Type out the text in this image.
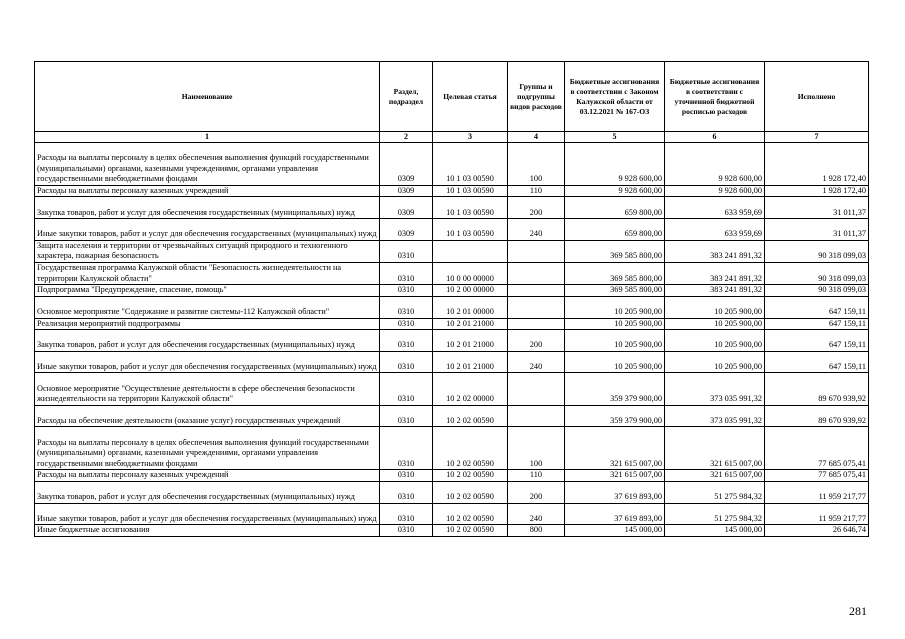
Наименование	Раздел, подраздел	Целевая статья	Группы и подгруппы видов расходов	Бюджетные ассигнования в соответствии с Законом Калужской области от 03.12.2021 № 167-ОЗ	Бюджетные ассигнования в соответствии с уточненной бюджетной росписью расходов	Исполнено
1	2	3	4	5	6	7
Расходы на выплаты персоналу в целях обеспечения выполнения функций государственными (муниципальными) органами, казенными учреждениями, органами управления государственными внебюджетными фондами	0309	10 1 03 00590	100	9 928 600,00	9 928 600,00	1 928 172,40
Расходы на выплаты персоналу казенных учреждений	0309	10 1 03 00590	110	9 928 600,00	9 928 600,00	1 928 172,40
Закупка товаров, работ и услуг для обеспечения государственных (муниципальных) нужд	0309	10 1 03 00590	200	659 800,00	633 959,69	31 011,37
Иные закупки товаров, работ и услуг для обеспечения государственных (муниципальных) нужд	0309	10 1 03 00590	240	659 800,00	633 959,69	31 011,37
Защита населения и территории от чрезвычайных ситуаций природного и техногенного характера, пожарная безопасность	0310			369 585 800,00	383 241 891,32	90 318 099,03
Государственная программа Калужской области "Безопасность жизнедеятельности на территории Калужской области"	0310	10 0 00 00000		369 585 800,00	383 241 891,32	90 318 099,03
Подпрограмма "Предупреждение, спасение, помощь"	0310	10 2 00 00000		369 585 800,00	383 241 891,32	90 318 099,03
Основное мероприятие "Содержание и развитие системы-112 Калужской области"	0310	10 2 01 00000		10 205 900,00	10 205 900,00	647 159,11
Реализация мероприятий подпрограммы	0310	10 2 01 21000		10 205 900,00	10 205 900,00	647 159,11
Закупка товаров, работ и услуг для обеспечения государственных (муниципальных) нужд	0310	10 2 01 21000	200	10 205 900,00	10 205 900,00	647 159,11
Иные закупки товаров, работ и услуг для обеспечения государственных (муниципальных) нужд	0310	10 2 01 21000	240	10 205 900,00	10 205 900,00	647 159,11
Основное мероприятие "Осуществление деятельности в сфере обеспечения безопасности жизнедеятельности на территории Калужской области"	0310	10 2 02 00000		359 379 900,00	373 035 991,32	89 670 939,92
Расходы на обеспечение деятельности (оказание услуг) государственных учреждений	0310	10 2 02 00590		359 379 900,00	373 035 991,32	89 670 939,92
Расходы на выплаты персоналу в целях обеспечения выполнения функций государственными (муниципальными) органами, казенными учреждениями, органами управления государственными внебюджетными фондами	0310	10 2 02 00590	100	321 615 007,00	321 615 007,00	77 685 075,41
Расходы на выплаты персоналу казенных учреждений	0310	10 2 02 00590	110	321 615 007,00	321 615 007,00	77 685 075,41
Закупка товаров, работ и услуг для обеспечения государственных (муниципальных) нужд	0310	10 2 02 00590	200	37 619 893,00	51 275 984,32	11 959 217,77
Иные закупки товаров, работ и услуг для обеспечения государственных (муниципальных) нужд	0310	10 2 02 00590	240	37 619 893,00	51 275 984,32	11 959 217,77
Иные бюджетные ассигнования	0310	10 2 02 00590	800	145 000,00	145 000,00	26 646,74
281
